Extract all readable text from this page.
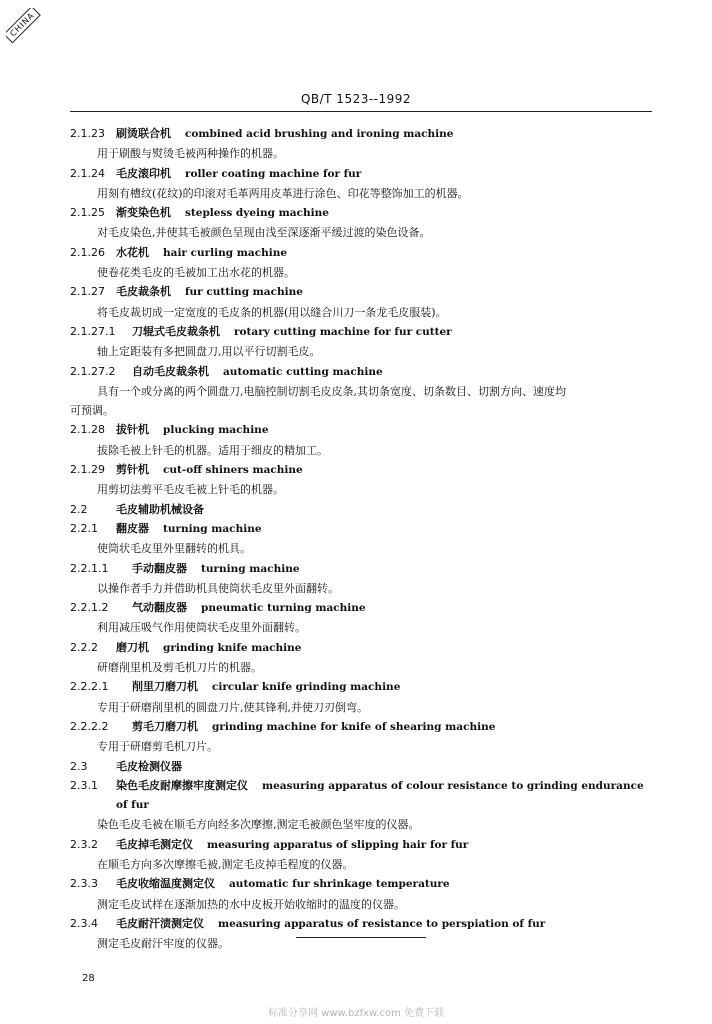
CHINA
QB/T 1523--1992
2.1.23 刷烫联合机 combined acid brushing and ironing machine
用于刷酸与熨烫毛被两种操作的机器。
2.1.24 毛皮滚印机 roller coating machine for fur
用刻有槽纹(花纹)的印滚对毛革两用皮革进行涂色、印花等整饰加工的机器。
2.1.25 渐变染色机 stepless dyeing machine
对毛皮染色,并使其毛被颜色呈现由浅至深逐渐平缓过渡的染色设备。
2.1.26 水花机 hair curling machine
使卷花类毛皮的毛被加工出水花的机器。
2.1.27 毛皮裁条机 fur cutting machine
将毛皮裁切成一定宽度的毛皮条的机器(用以缝合川刀一条龙毛皮服装)。
2.1.27.1 刀辊式毛皮裁条机 rotary cutting machine for fur cutter
轴上定距装有多把圆盘刀,用以平行切割毛皮。
2.1.27.2 自动毛皮裁条机 automatic cutting machine
具有一个或分离的两个圆盘刀,电脑控制切割毛皮皮条,其切条宽度、切条数目、切割方向、速度均
可预调。
2.1.28 拔针机 plucking machine
拔除毛被上针毛的机器。适用于细皮的精加工。
2.1.29 剪针机 cut-off shiners machine
用剪切法剪平毛皮毛被上针毛的机器。
2.2	毛皮辅助机械设备
2.2.1 翻皮器 turning machine
使筒状毛皮里外里翻转的机具。
2.2.1.1 手动翻皮器 turning machine
以操作者手力并借助机具使筒状毛皮里外面翻转。
2.2.1.2 气动翻皮器 pneumatic turning machine
利用减压吸气作用使筒状毛皮里外面翻转。
2.2.2 磨刀机 grinding knife machine
研磨削里机及剪毛机刀片的机器。
2.2.2.1 削里刀磨刀机 circular knife grinding machine
专用于研磨削里机的圆盘刀片,使其锋利,并使刀刃倒弯。
2.2.2.2 剪毛刀磨刀机 grinding machine for knife of shearing machine
专用于研磨剪毛机刀片。
2.3	毛皮检测仪器
2.3.1 染色毛皮耐摩擦牢度测定仪 measuring apparatus of colour resistance to grinding endurance
of fur
染色毛皮毛被在顺毛方向经多次摩擦,测定毛被颜色坚牢度的仪器。
2.3.2 毛皮掉毛测定仪 measuring apparatus of slipping hair for fur
在顺毛方向多次摩擦毛被,测定毛皮掉毛程度的仪器。
2.3.3 毛皮收缩温度测定仪 automatic fur shrinkage temperature
测定毛皮试样在逐渐加热的水中皮板开始收缩时的温度的仪器。
2.3.4 毛皮耐汗渍测定仪 measuring apparatus of resistance to perspiation of fur
测定毛皮耐汗牢度的仪器。
28
标准分享网 www.bzfxw.com 免费下载
